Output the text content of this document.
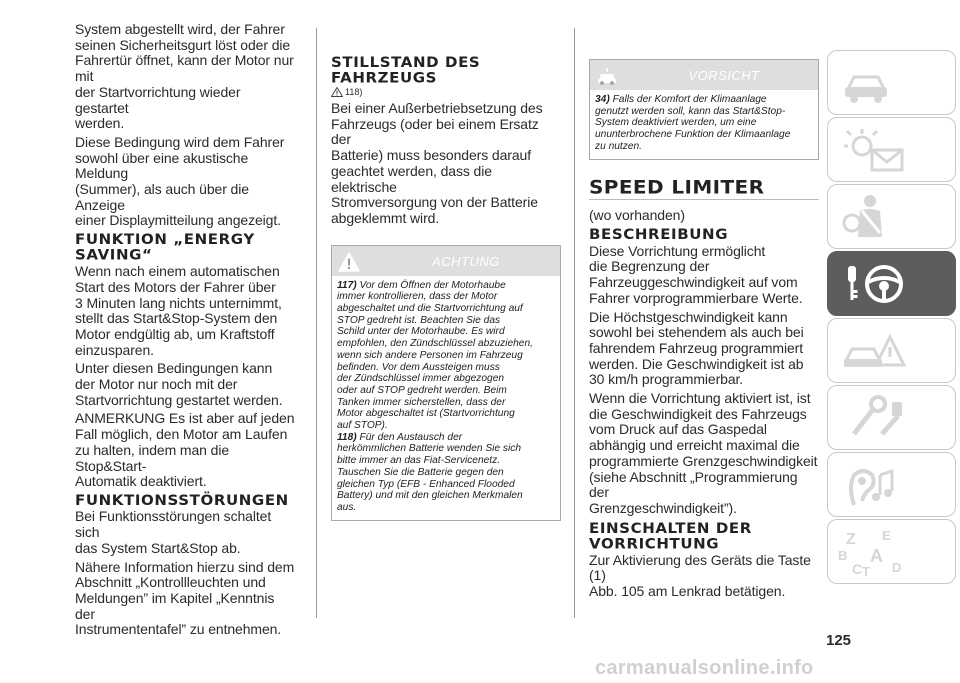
System abgestellt wird, der Fahrer
seinen Sicherheitsgurt löst oder die
Fahrertür öffnet, kann der Motor nur mit
der Startvorrichtung wieder gestartet
werden.

Diese Bedingung wird dem Fahrer
sowohl über eine akustische Meldung
(Summer), als auch über die Anzeige
einer Displaymitteilung angezeigt.

FUNKTION „ENERGY
SAVING“

Wenn nach einem automatischen
Start des Motors der Fahrer über
3 Minuten lang nichts unternimmt,
stellt das Start&Stop-System den
Motor endgültig ab, um Kraftstoff
einzusparen.

Unter diesen Bedingungen kann
der Motor nur noch mit der
Startvorrichtung gestartet werden.

ANMERKUNG Es ist aber auf jeden
Fall möglich, den Motor am Laufen
zu halten, indem man die Stop&Start-
Automatik deaktiviert.

FUNKTIONSSTÖRUNGEN

Bei Funktionsstörungen schaltet sich
das System Start&Stop ab.

Nähere Information hierzu sind dem
Abschnitt „Kontrollleuchten und
Meldungen” im Kapitel „Kenntnis der
Instrumententafel” zu entnehmen.

STILLSTAND DES
FAHRZEUGS
118)

Bei einer Außerbetriebsetzung des
Fahrzeugs (oder bei einem Ersatz der
Batterie) muss besonders darauf
geachtet werden, dass die elektrische
Stromversorgung von der Batterie
abgeklemmt wird.

ACHTUNG

117) Vor dem Öffnen der Motorhaube
immer kontrollieren, dass der Motor
abgeschaltet und die Startvorrichtung auf
STOP gedreht ist. Beachten Sie das
Schild unter der Motorhaube. Es wird
empfohlen, den Zündschlüssel abzuziehen,
wenn sich andere Personen im Fahrzeug
befinden. Vor dem Aussteigen muss
der Zündschlüssel immer abgezogen
oder auf STOP gedreht werden. Beim
Tanken immer sicherstellen, dass der
Motor abgeschaltet ist (Startvorrichtung
auf STOP).

118) Für den Austausch der
herkömmlichen Batterie wenden Sie sich
bitte immer an das Fiat-Servicenetz.
Tauschen Sie die Batterie gegen den
gleichen Typ (EFB - Enhanced Flooded
Battery) und mit den gleichen Merkmalen
aus.

VORSICHT

34) Falls der Komfort der Klimaanlage
genutzt werden soll, kann das Start&Stop-
System deaktiviert werden, um eine
ununterbrochene Funktion der Klimaanlage
zu nutzen.

SPEED LIMITER

(wo vorhanden)

BESCHREIBUNG

Diese Vorrichtung ermöglicht
die Begrenzung der
Fahrzeuggeschwindigkeit auf vom
Fahrer vorprogrammierbare Werte.

Die Höchstgeschwindigkeit kann
sowohl bei stehendem als auch bei
fahrendem Fahrzeug programmiert
werden. Die Geschwindigkeit ist ab
30 km/h programmierbar.

Wenn die Vorrichtung aktiviert ist, ist
die Geschwindigkeit des Fahrzeugs
vom Druck auf das Gaspedal
abhängig und erreicht maximal die
programmierte Grenzgeschwindigkeit
(siehe Abschnitt „Programmierung der
Grenzgeschwindigkeit”).

EINSCHALTEN DER
VORRICHTUNG

Zur Aktivierung des Geräts die Taste (1)
Abb. 105 am Lenkrad betätigen.

Z E
B A
C T D
125
carmanualsonline.info
